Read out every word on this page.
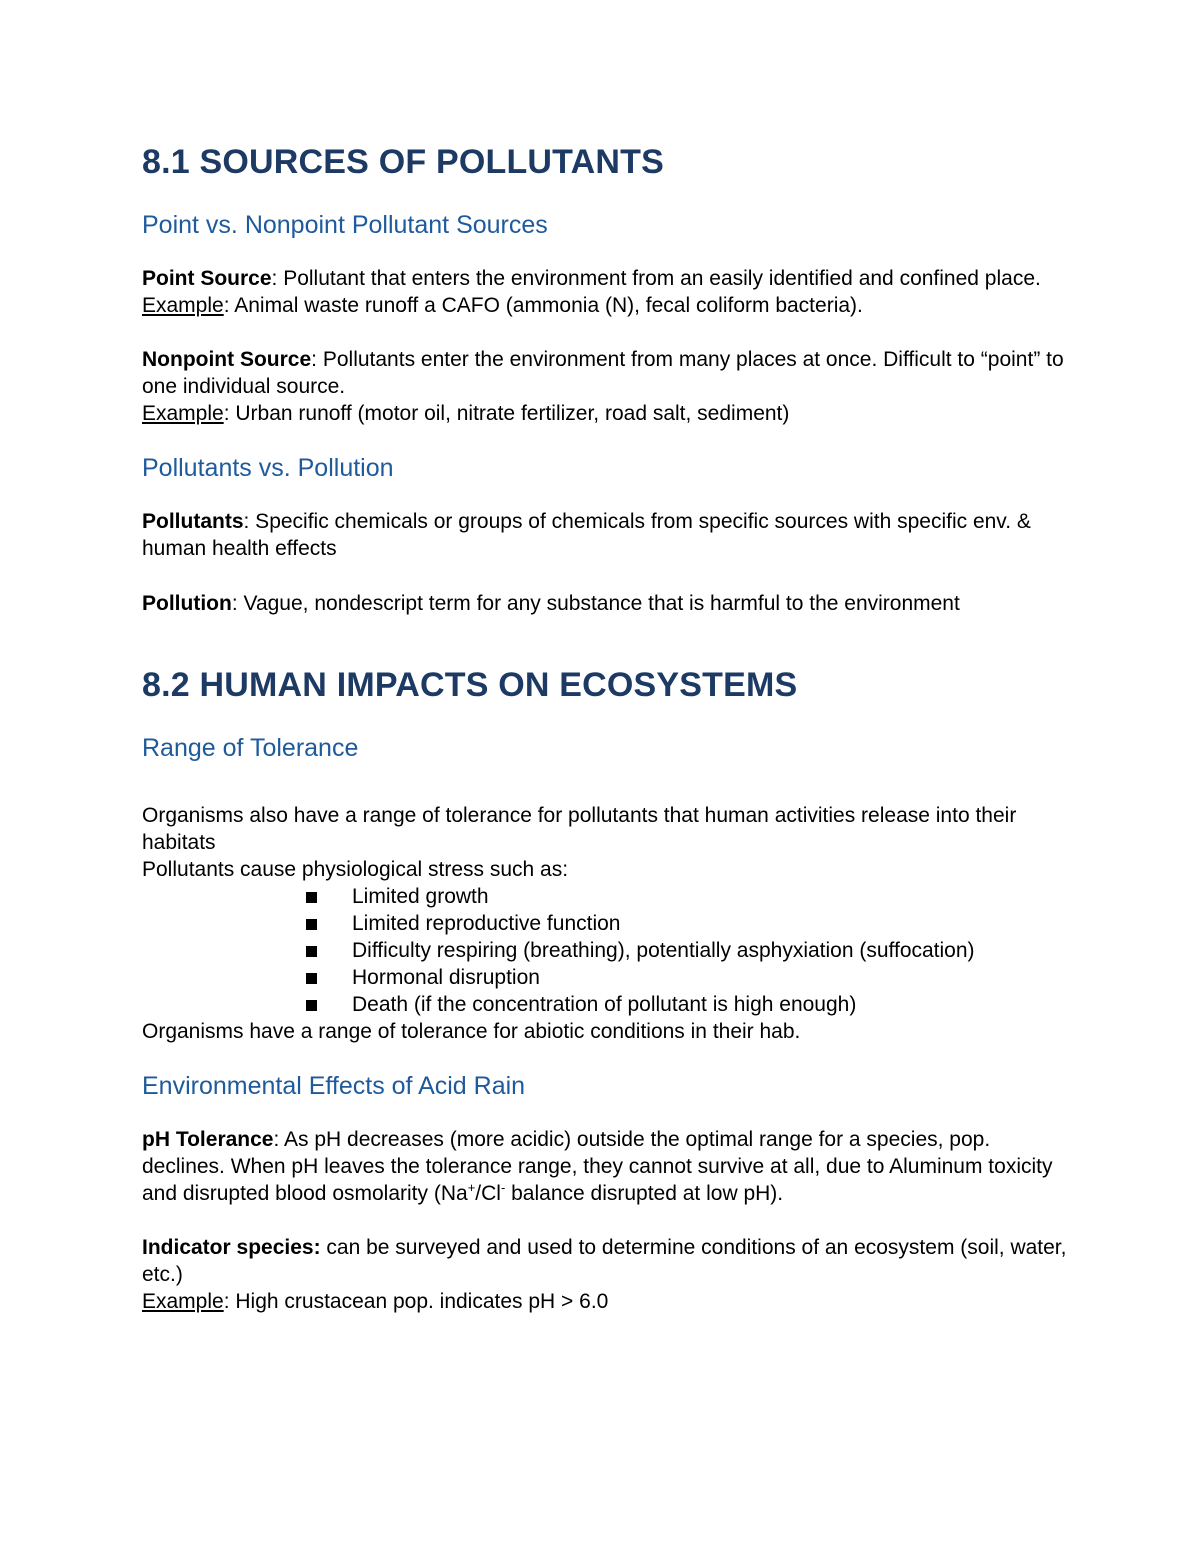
8.1 SOURCES OF POLLUTANTS
Point vs. Nonpoint Pollutant Sources

Point Source: Pollutant that enters the environment from an easily identified and confined place.

Example: Animal waste runoff a CAFO (ammonia (N), fecal coliform bacteria).

Nonpoint Source: Pollutants enter the environment from many places at once. Difficult to “point” to one individual source.

Example: Urban runoff (motor oil, nitrate fertilizer, road salt, sediment)

Pollutants vs. Pollution

Pollutants: Specific chemicals or groups of chemicals from specific sources with specific env. & human health effects

Pollution: Vague, nondescript term for any substance that is harmful to the environment

8.2 HUMAN IMPACTS ON ECOSYSTEMS
Range of Tolerance

Organisms also have a range of tolerance for pollutants that human activities release into their habitats

Pollutants cause physiological stress such as:

Limited growth
Limited reproductive function
Difficulty respiring (breathing), potentially asphyxiation (suffocation)
Hormonal disruption
Death (if the concentration of pollutant is high enough)

Organisms have a range of tolerance for abiotic conditions in their hab.

Environmental Effects of Acid Rain

pH Tolerance: As pH decreases (more acidic) outside the optimal range for a species, pop. declines. When pH leaves the tolerance range, they cannot survive at all, due to Aluminum toxicity and disrupted blood osmolarity (Na+/Cl- balance disrupted at low pH).

Indicator species: can be surveyed and used to determine conditions of an ecosystem (soil, water, etc.)

Example: High crustacean pop. indicates pH > 6.0
